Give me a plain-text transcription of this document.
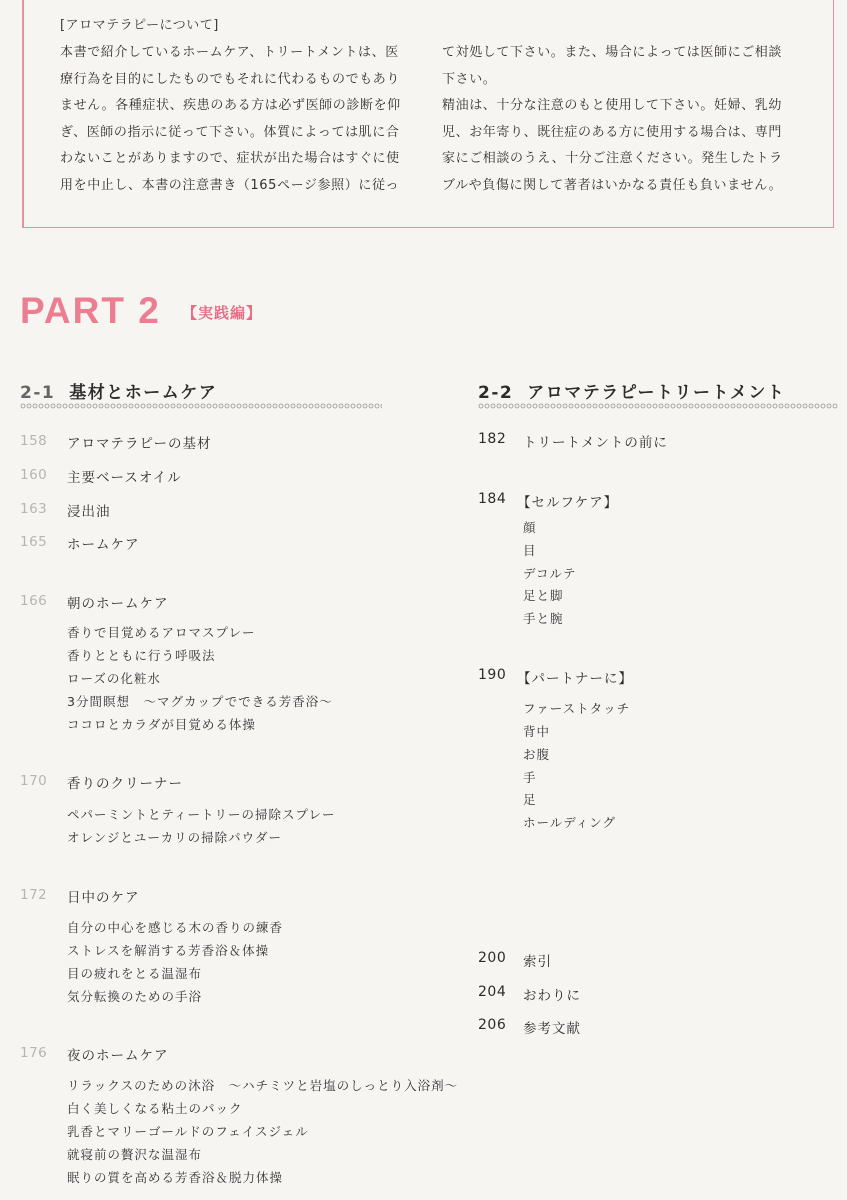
[アロマテラピーについて]
本書で紹介しているホームケア、トリートメントは、医
療行為を目的にしたものでもそれに代わるものでもあり
ません。各種症状、疾患のある方は必ず医師の診断を仰
ぎ、医師の指示に従って下さい。体質によっては肌に合
わないことがありますので、症状が出た場合はすぐに使
用を中止し、本書の注意書き（165ページ参照）に従っ
て対処して下さい。また、場合によっては医師にご相談
下さい。
精油は、十分な注意のもと使用して下さい。妊婦、乳幼
児、お年寄り、既往症のある方に使用する場合は、専門
家にご相談のうえ、十分ご注意ください。発生したトラ
ブルや負傷に関して著者はいかなる責任も負いません。
PART 2 【実践編】
2-1 基材とホームケア	2-2 アロマテラピートリートメント
158 アロマテラピーの基材
160 主要ベースオイル
163 浸出油
165 ホームケア
166 朝のホームケア
香りで目覚めるアロマスプレー
香りとともに行う呼吸法
ローズの化粧水
3分間瞑想　〜マグカップでできる芳香浴〜
ココロとカラダが目覚める体操
170 香りのクリーナー
ペパーミントとティートリーの掃除スプレー
オレンジとユーカリの掃除パウダー
172 日中のケア
自分の中心を感じる木の香りの練香
ストレスを解消する芳香浴＆体操
目の疲れをとる温湿布
気分転換のための手浴
176 夜のホームケア
リラックスのための沐浴　〜ハチミツと岩塩のしっとり入浴剤〜
白く美しくなる粘土のパック
乳香とマリーゴールドのフェイスジェル
就寝前の贅沢な温湿布
眠りの質を高める芳香浴＆脱力体操
182 トリートメントの前に
184 【セルフケア】
顔
目
デコルテ
足と脚
手と腕
190 【パートナーに】
ファーストタッチ
背中
お腹
手
足
ホールディング
200 索引
204 おわりに
206 参考文献
